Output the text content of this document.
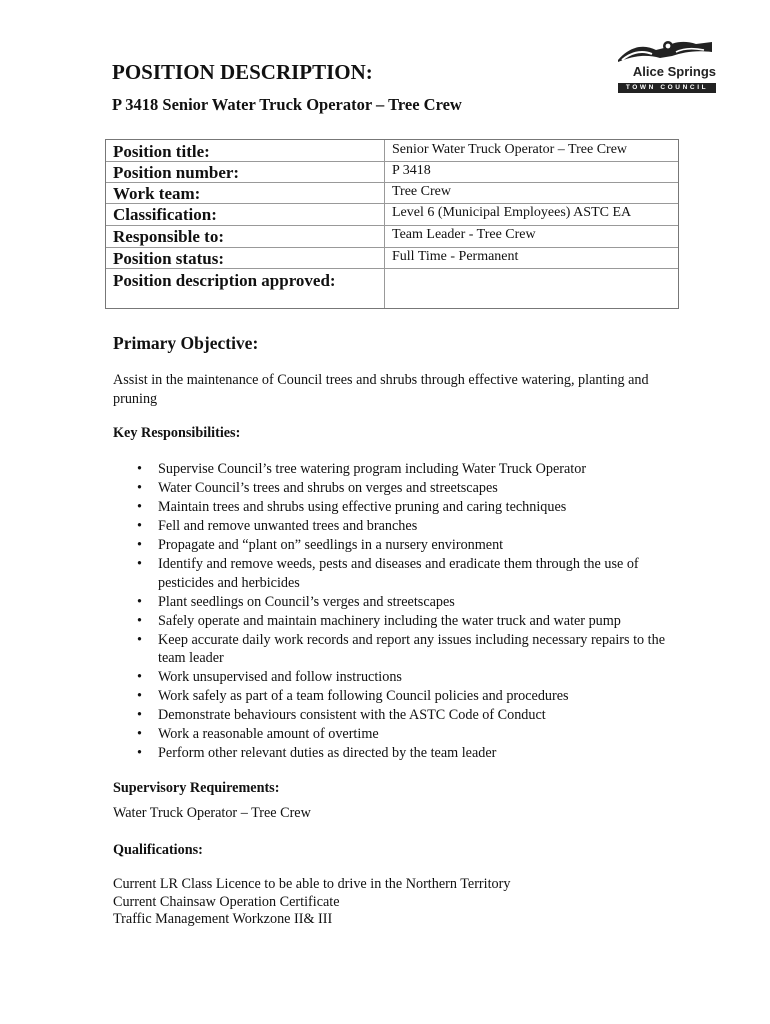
Alice Springs
TOWN COUNCIL
POSITION DESCRIPTION:
P 3418 Senior Water Truck Operator – Tree Crew
Position title:	Senior Water Truck Operator – Tree Crew
Position number:	P 3418
Work team:	Tree Crew
Classification:	Level 6 (Municipal Employees) ASTC EA
Responsible to:	Team Leader - Tree Crew
Position status:	Full Time - Permanent
Position description approved:
Primary Objective:

Assist in the maintenance of Council trees and shrubs through effective watering, planting and pruning

Key Responsibilities:
• Supervise Council’s tree watering program including Water Truck Operator
• Water Council’s trees and shrubs on verges and streetscapes
• Maintain trees and shrubs using effective pruning and caring techniques
• Fell and remove unwanted trees and branches
• Propagate and “plant on” seedlings in a nursery environment
• Identify and remove weeds, pests and diseases and eradicate them through the use of pesticides and herbicides
• Plant seedlings on Council’s verges and streetscapes
• Safely operate and maintain machinery including the water truck and water pump
• Keep accurate daily work records and report any issues including necessary repairs to the team leader
• Work unsupervised and follow instructions
• Work safely as part of a team following Council policies and procedures
• Demonstrate behaviours consistent with the ASTC Code of Conduct
• Work a reasonable amount of overtime
• Perform other relevant duties as directed by the team leader
Supervisory Requirements:

Water Truck Operator – Tree Crew

Qualifications:
Current LR Class Licence to be able to drive in the Northern Territory
Current Chainsaw Operation Certificate
Traffic Management Workzone II& III
